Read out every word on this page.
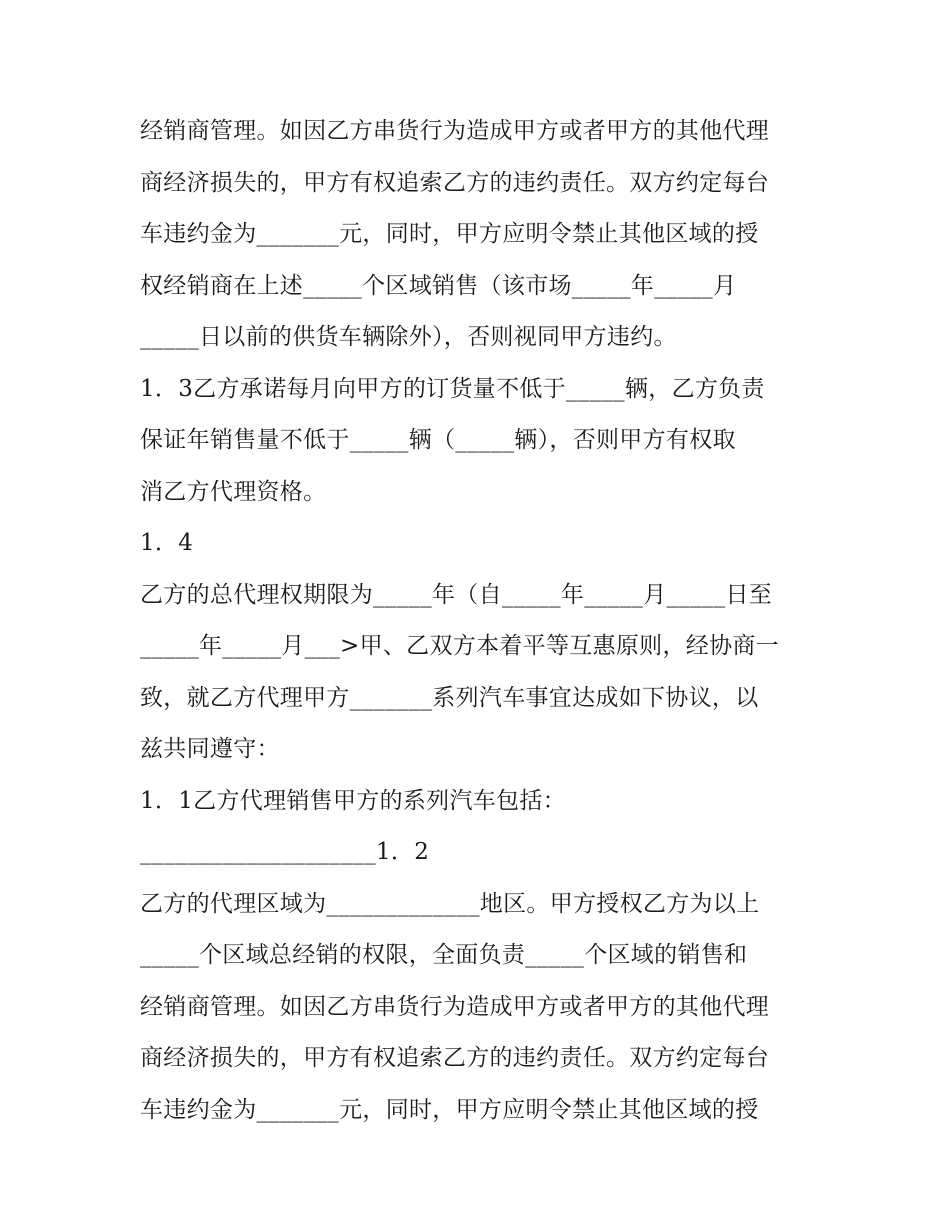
经销商管理。如因乙方串货行为造成甲方或者甲方的其他代理
商经济损失的，甲方有权追索乙方的违约责任。双方约定每台
车违约金为_______元，同时，甲方应明令禁止其他区域的授
权经销商在上述_____个区域销售（该市场_____年_____月
_____日以前的供货车辆除外），否则视同甲方违约。
1．3乙方承诺每月向甲方的订货量不低于_____辆，乙方负责
保证年销售量不低于_____辆（_____辆），否则甲方有权取
消乙方代理资格。
1．4
乙方的总代理权期限为_____年（自_____年_____月_____日至
_____年_____月___>甲、乙双方本着平等互惠原则，经协商一
致，就乙方代理甲方_______系列汽车事宜达成如下协议，以
兹共同遵守：
1．1乙方代理销售甲方的系列汽车包括：
____________________1．2
乙方的代理区域为_____________地区。甲方授权乙方为以上
_____个区域总经销的权限，全面负责_____个区域的销售和
经销商管理。如因乙方串货行为造成甲方或者甲方的其他代理
商经济损失的，甲方有权追索乙方的违约责任。双方约定每台
车违约金为_______元，同时，甲方应明令禁止其他区域的授
